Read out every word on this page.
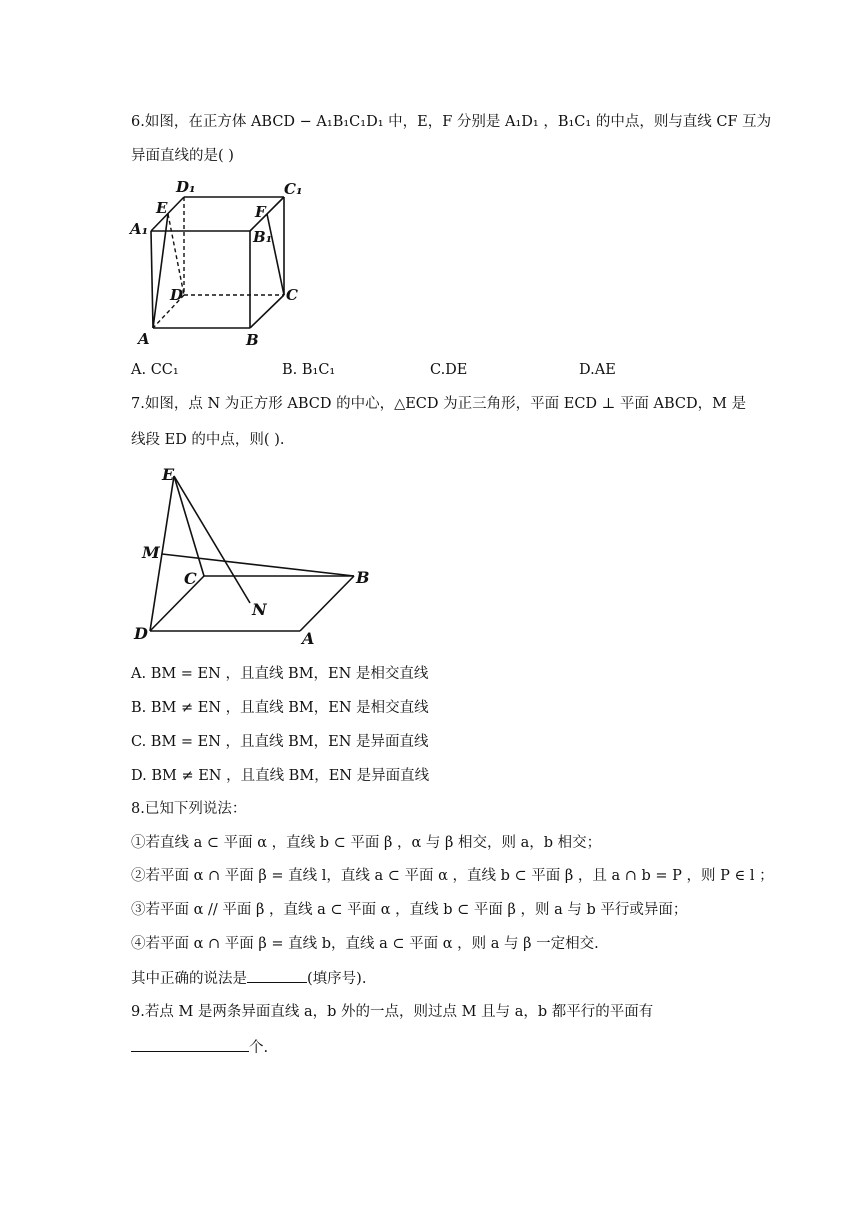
6.如图，在正方体 ABCD − A₁B₁C₁D₁ 中，E，F 分别是 A₁D₁ ，B₁C₁ 的中点，则与直线 CF 互为
异面直线的是( )
D₁	C₁
A₁
E	F
B₁
D	C
A	B
A. CC₁	B. B₁C₁	C.DE	D.AE
7.如图，点 N 为正方形 ABCD 的中心，△ECD 为正三角形，平面 ECD ⊥ 平面 ABCD，M 是
线段 ED 的中点，则( ).
E
M
C	B
N
D	A
A. BM = EN ，且直线 BM，EN 是相交直线
B. BM ≠ EN ，且直线 BM，EN 是相交直线
C. BM = EN ，且直线 BM，EN 是异面直线
D. BM ≠ EN ，且直线 BM，EN 是异面直线
8.已知下列说法：
①若直线 a ⊂ 平面 α ，直线 b ⊂ 平面 β ，α 与 β 相交，则 a，b 相交；
②若平面 α ∩ 平面 β = 直线 l，直线 a ⊂ 平面 α ，直线 b ⊂ 平面 β ，且 a ∩ b = P ，则 P ∈ l ；
③若平面 α // 平面 β ，直线 a ⊂ 平面 α ，直线 b ⊂ 平面 β ，则 a 与 b 平行或异面；
④若平面 α ∩ 平面 β = 直线 b，直线 a ⊂ 平面 α ，则 a 与 β 一定相交.
其中正确的说法是	(填序号).
9.若点 M 是两条异面直线 a，b 外的一点，则过点 M 且与 a，b 都平行的平面有
个.
